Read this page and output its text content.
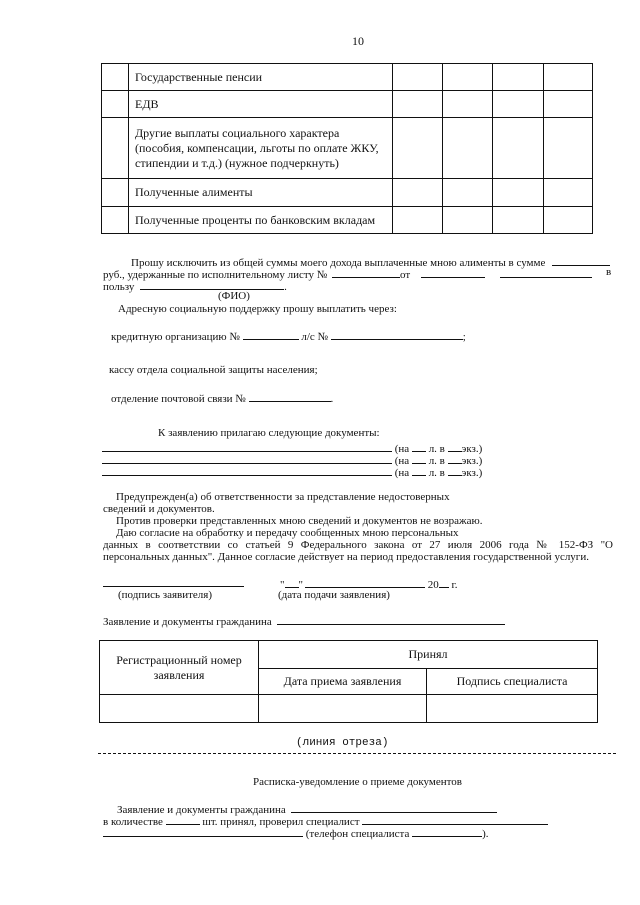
10
	Государственные пенсии				
	ЕДВ				
	Другие выплаты социального характера (пособия, компенсации, льготы по оплате ЖКУ, стипендии и т.д.) (нужное подчеркнуть)				
	Полученные алименты				
	Полученные проценты по банковским вкладам				
Прошу исключить из общей суммы моего дохода выплаченные мною алименты в сумме
руб., удержанные по исполнительному листу №	от	в
пользу	.
(ФИО)
Адресную социальную поддержку прошу выплатить через:
кредитную организацию №	л/с №	;
кассу отдела социальной защиты населения;
отделение почтовой связи №	.
К заявлению прилагаю следующие документы:
(на л. в экз.)
(на л. в экз.)
(на л. в экз.)
Предупрежден(а) об ответственности за представление недостоверных
сведений и документов.
Против проверки представленных мною сведений и документов не возражаю.
Даю согласие на обработку и передачу сообщенных мною персональных
данных в соответствии со статьей 9 Федерального закона от 27 июля 2006 года № 152-ФЗ "О
персональных данных". Данное согласие действует на период предоставления государственной услуги.
" "	20 г.
(подпись заявителя)	(дата подачи заявления)
Заявление и документы гражданина
Регистрационный номер заявления	Принял	
	Дата приема заявления	Подпись специалиста

(линия отреза)
Расписка-уведомление о приеме документов
Заявление и документы гражданина
в количестве	шт. принял, проверил специалист
(телефон специалиста	).
